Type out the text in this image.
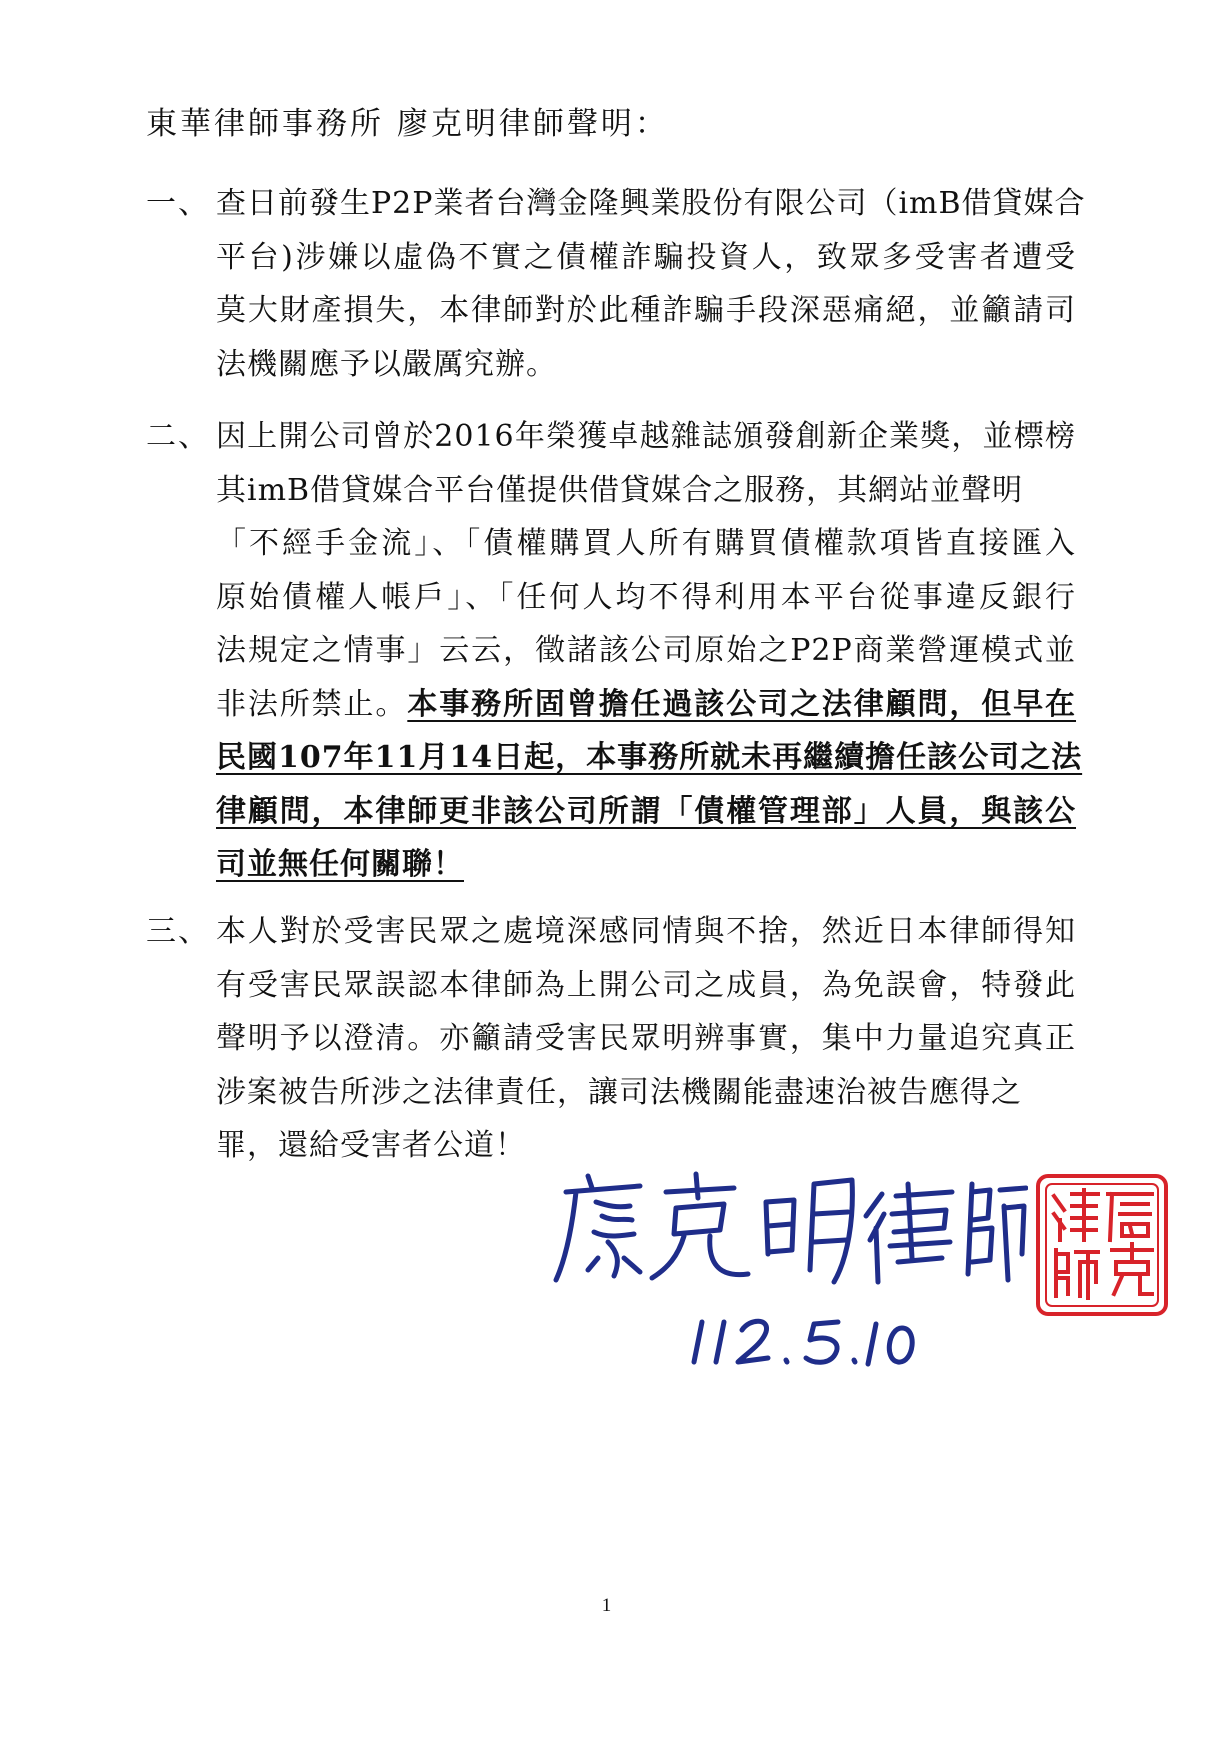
東華律師事務所 廖克明律師聲明：
一、 查日前發生P2P業者台灣金隆興業股份有限公司（imB借貸媒合
平台)涉嫌以虛偽不實之債權詐騙投資人，致眾多受害者遭受
莫大財產損失，本律師對於此種詐騙手段深惡痛絕，並籲請司
法機關應予以嚴厲究辦。
二、 因上開公司曾於2016年榮獲卓越雜誌頒發創新企業獎，並標榜
其imB借貸媒合平台僅提供借貸媒合之服務，其網站並聲明
「不經手金流」、「債權購買人所有購買債權款項皆直接匯入
原始債權人帳戶」、「任何人均不得利用本平台從事違反銀行
法規定之情事」云云，徵諸該公司原始之P2P商業營運模式並
非法所禁止。本事務所固曾擔任過該公司之法律顧問，但早在
民國107年11月14日起，本事務所就未再繼續擔任該公司之法
律顧問，本律師更非該公司所謂「債權管理部」人員，與該公
司並無任何關聯！
三、 本人對於受害民眾之處境深感同情與不捨，然近日本律師得知
有受害民眾誤認本律師為上開公司之成員，為免誤會，特發此
聲明予以澄清。亦籲請受害民眾明辨事實，集中力量追究真正
涉案被告所涉之法律責任，讓司法機關能盡速治被告應得之
罪，還給受害者公道！
1
